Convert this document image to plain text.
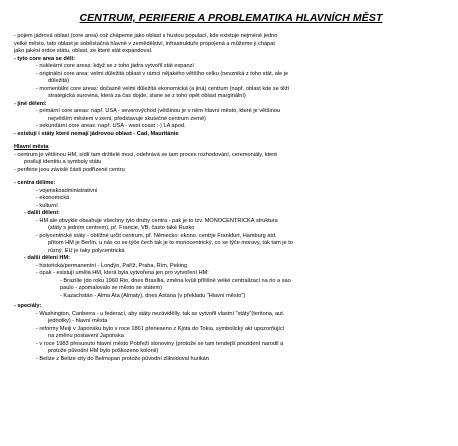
CENTRUM, PERIFERIE A PROBLEMATIKA HLAVNÍCH MĚST
- pojem jádrová oblast (core area) což chápeme jako oblast s hustou populací, kde existuje nejméně jedno
velké město, tato oblast je soběstačná hlavně v zemědělství, infrastruktuře propojená a můžeme ji chápat
jako jakési srdce státu, oblast, ze které stát expandoval.
- tyto core area se dělí:
- nukleární core areas: když se z toho jádra vytvořil stát expanzí
- originální core area: velmi důležitá oblast v rámci nějakého většího celku (nevzniká z toho stát, ale je
důležitá)
- momentální core areas: dočasně velmi důležitá ekonomická (a jiná) centrum (např. oblast kde se těží
strategická surovina, která za čas dojde, stane se z toho opět oblast marginální)
- jiné dělení:
- primární core areas: např. USA - severovýchod (většinou je v něm hlavní město, které je většinou
největším městem v zemi, představuje skutečné centrum země)
- sekundární core areas: např. USA - west coast :-) LA apod.
- existují i státy které nemají jádrovou oblast - Čad, Mauritánie
Hlavní města
- centrum je většinou HM, sídlí tam držitelé moci, odehrává se tam proces rozhodování, ceremoniály, které
posilují identitu a symboly státu
- periferie jsou závislé části podřízené centru
- centra dělíme:
- vojenskoadministrativní
- ekonomická
- kulturní
- další dělení:
- HM ale obvykle obsahuje všechny tyto druhy centra - pak je to tzv. MONOCENTRICKÁ struktura
(státy s jedním centrem), př. Francie, VB, často také Rusko
- polycentrické státy - obtížné určit centrum, př. Německo: ekono. centrje Frankfurt, Hamburg atd.
přitom HM je Berlín, u nás co se týče čech tak je to monocentrický, co se týče moravy, tak tam je to
různý, EU je taky polycentrická
- další dělení HM:
- historická/permanentní - Londýn, Paříž, Praha, Řím, Peking
- opak - existují umělá HM, která byla vytvořena jen pro vytvoření HM:
- Brazílie (do roku 1960 Rio, dnes Brasília, změna kvůli přílišné velké centralizaci na rio a sao
paulo - zpomalovalo se město se státem)
- Kazachstán - Alma Ata (Almaty), dnes Astana (v překladu "Hlavní město")
- speciály:
- Washington, Canberra - u federací, aby státy nezávidělly, tak se vytvořil vlastní "státy"(teritoria, aut.
jednotky) - hlavní města
- reformy Meiji v Japonsku bylo v roce 1861 přeneseno z Kjóta do Tokia, symbolický akt upozorňující
na změnu postavení Japonska
- v roce 1983 přesunuto hlavní město Pobřeží slonoviny (protože se tam tendejší prezident narodil a
protože původní HM bylo poškozeno kolonií)
- Belize z Belize city do Belmopan protože původní zlikvidoval hurikán
